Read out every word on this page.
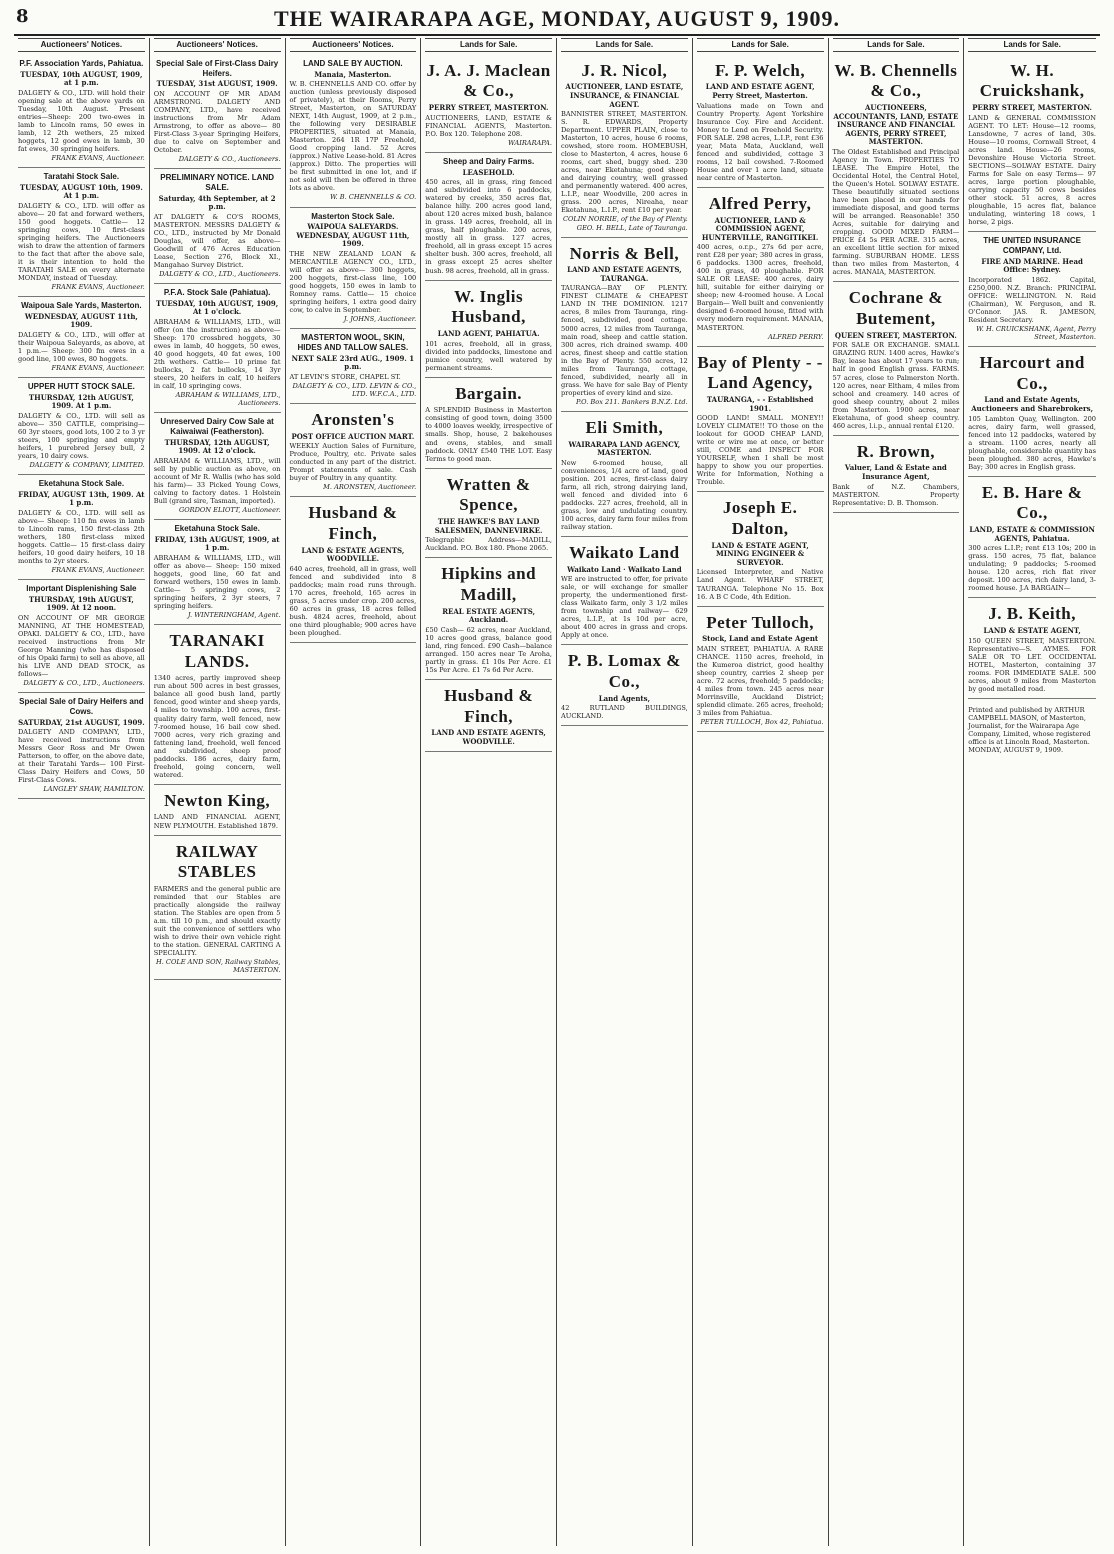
8	THE WAIRARAPA AGE, MONDAY, AUGUST 9, 1909.
Auctioneers' Notices.
P.F. Association Yards, Pahiatua.
TUESDAY, 10th AUGUST, 1909, at 1 p.m.

DALGETY & CO., LTD. will hold their opening sale at the above yards on Tuesday, 10th August. Present entries—Sheep: 200 two-ewes in lamb to Lincoln rams, 50 ewes in lamb, 12 2th wethers, 25 mixed hoggets, 12 good ewes in lamb, 30 fat ewes, 30 springing heifers.

FRANK EVANS, Auctioneer.

Taratahi Stock Sale.
TUESDAY, AUGUST 10th, 1909. At 1 p.m.

DALGETY & CO., LTD. will offer as above— 20 fat and forward wethers, 150 good hoggets. Cattle— 12 springing cows, 10 first-class springing heifers. The Auctioneers wish to draw the attention of farmers to the fact that after the above sale, it is their intention to hold the TARATAHI SALE on every alternate MONDAY, instead of Tuesday.

FRANK EVANS, Auctioneer.

Waipoua Sale Yards, Masterton.
WEDNESDAY, AUGUST 11th, 1909.

DALGETY & CO., LTD., will offer at their Waipoua Saleyards, as above, at 1 p.m.— Sheep: 300 fm ewes in a good line, 100 ewes, 80 hoggets.

FRANK EVANS, Auctioneer.

UPPER HUTT STOCK SALE.
THURSDAY, 12th AUGUST, 1909. At 1 p.m.

DALGETY & CO., LTD. will sell as above— 350 CATTLE, comprising— 60 3yr steers, good lots, 100 2 to 3 yr steers, 100 springing and empty heifers, 1 purebred Jersey bull, 2 years, 10 dairy cows.

DALGETY & COMPANY, LIMITED.

Eketahuna Stock Sale.
FRIDAY, AUGUST 13th, 1909. At 1 p.m.

DALGETY & CO., LTD. will sell as above— Sheep: 110 fm ewes in lamb to Lincoln rams, 150 first-class 2th wethers, 180 first-class mixed hoggets. Cattle— 15 first-class dairy heifers, 10 good dairy heifers, 10 18 months to 2yr steers.

FRANK EVANS, Auctioneer.

Important Displenishing Sale
THURSDAY, 19th AUGUST, 1909. At 12 noon.

ON ACCOUNT OF MR GEORGE MANNING, AT THE HOMESTEAD, OPAKI. DALGETY & CO., LTD., have received instructions from Mr George Manning (who has disposed of his Opaki farm) to sell as above, all his LIVE AND DEAD STOCK, as follows—

DALGETY & CO., LTD., Auctioneers.

Special Sale of Dairy Heifers and Cows.
SATURDAY, 21st AUGUST, 1909.

DALGETY AND COMPANY, LTD., have received instructions from Messrs Geor Ross and Mr Owen Patterson, to offer, on the above date, at their Taratahi Yards— 100 First-Class Dairy Heifers and Cows, 50 First-Class Cows.

LANGLEY SHAW, HAMILTON.

Auctioneers' Notices.
Special Sale of First-Class Dairy Heifers.
TUESDAY, 31st AUGUST, 1909.

ON ACCOUNT OF MR ADAM ARMSTRONG. DALGETY AND COMPANY, LTD., have received instructions from Mr Adam Armstrong, to offer as above— 80 First-Class 3-year Springing Heifers, due to calve on September and October.

DALGETY & CO., Auctioneers.

PRELIMINARY NOTICE. LAND SALE.
Saturday, 4th September, at 2 p.m.

AT DALGETY & CO'S ROOMS, MASTERTON. MESSRS DALGETY & CO., LTD., instructed by Mr Donald Douglas, will offer, as above— Goodwill of 476 Acres Education Lease, Section 276, Block XI., Mangahao Survey District.

DALGETY & CO., LTD., Auctioneers.

P.F.A. Stock Sale (Pahiatua).
TUESDAY, 10th AUGUST, 1909, At 1 o'clock.

ABRAHAM & WILLIAMS, LTD., will offer (on the instruction) as above— Sheep: 170 crossbred hoggets, 30 ewes in lamb, 40 hoggets, 50 ewes, 40 good hoggets, 40 fat ewes, 100 2th wethers. Cattle— 10 prime fat bullocks, 2 fat bullocks, 14 3yr steers, 20 heifers in calf, 10 heifers in calf, 10 springing cows.

ABRAHAM & WILLIAMS, LTD., Auctioneers.

Unreserved Dairy Cow Sale at Kaiwaiwai (Featherston).
THURSDAY, 12th AUGUST, 1909. At 12 o'clock.

ABRAHAM & WILLIAMS, LTD., will sell by public auction as above, on account of Mr R. Wallis (who has sold his farm)— 33 Picked Young Cows, calving to factory dates. 1 Holstein Bull (grand sire, Tasman, imported).

GORDON ELIOTT, Auctioneer.

Eketahuna Stock Sale.
FRIDAY, 13th AUGUST, 1909, at 1 p.m.

ABRAHAM & WILLIAMS, LTD., will offer as above— Sheep: 150 mixed hoggets, good line, 60 fat and forward wethers, 150 ewes in lamb. Cattle— 5 springing cows, 2 springing heifers, 2 3yr steers, 7 springing heifers.

J. WINTERINGHAM, Agent.

TARANAKI LANDS.

1340 acres, partly improved sheep run about 500 acres in best grasses, balance all good bush land, partly fenced, good winter and sheep yards, 4 miles to township. 100 acres, first-quality dairy farm, well fenced, new 7-roomed house, 16 bail cow shed. 7000 acres, very rich grazing and fattening land, freehold, well fenced and subdivided, sheep proof paddocks. 186 acres, dairy farm, freehold, going concern, well watered.

Newton King,

LAND AND FINANCIAL AGENT, NEW PLYMOUTH. Established 1879.

RAILWAY STABLES

FARMERS and the general public are reminded that our Stables are practically alongside the railway station. The Stables are open from 5 a.m. till 10 p.m., and should exactly suit the convenience of settlers who wish to drive their own vehicle right to the station. GENERAL CARTING A SPECIALITY.

H. COLE AND SON, Railway Stables, MASTERTON.

Auctioneers' Notices.
LAND SALE BY AUCTION.
Manaia, Masterton.

W. B. CHENNELLS AND CO. offer by auction (unless previously disposed of privately), at their Rooms, Perry Street, Masterton, on SATURDAY NEXT, 14th August, 1909, at 2 p.m., the following very DESIRABLE PROPERTIES, situated at Manaia, Masterton. 264 1R 17P Freehold, Good cropping land. 52 Acres (approx.) Native Lease-hold. 81 Acres (approx.) Ditto. The properties will be first submitted in one lot, and if not sold will then be offered in three lots as above.

W. B. CHENNELLS & CO.

Masterton Stock Sale.
WAIPOUA SALEYARDS. WEDNESDAY, AUGUST 11th, 1909.

THE NEW ZEALAND LOAN & MERCANTILE AGENCY CO., LTD., will offer as above— 300 hoggets, 200 hoggets, first-class line, 100 good hoggets, 150 ewes in lamb to Romney rams. Cattle— 15 choice springing heifers, 1 extra good dairy cow, to calve in September.

J. JOHNS, Auctioneer.

MASTERTON WOOL, SKIN, HIDES AND TALLOW SALES.
NEXT SALE 23rd AUG., 1909. 1 p.m.

AT LEVIN'S STORE, CHAPEL ST.

DALGETY & CO., LTD. LEVIN & CO., LTD. W.F.C.A., LTD.

Aronsten's
POST OFFICE AUCTION MART.

WEEKLY Auction Sales of Furniture, Produce, Poultry, etc. Private sales conducted in any part of the district. Prompt statements of sale. Cash buyer of Poultry in any quantity.

M. ARONSTEN, Auctioneer.

Husband & Finch,
LAND & ESTATE AGENTS, WOODVILLE.

640 acres, freehold, all in grass, well fenced and subdivided into 8 paddocks; main road runs through. 170 acres, freehold, 165 acres in grass, 5 acres under crop. 200 acres, 60 acres in grass, 18 acres felled bush. 4824 acres, freehold, about one third ploughable; 900 acres have been ploughed.

Lands for Sale.
J. A. J. Maclean & Co.,
PERRY STREET, MASTERTON.

AUCTIONEERS, LAND, ESTATE & FINANCIAL AGENTS, Masterton. P.O. Box 120. Telephone 208.

WAIRARAPA.

Sheep and Dairy Farms.
LEASEHOLD.

450 acres, all in grass, ring fenced and subdivided into 6 paddocks, watered by creeks, 350 acres flat, balance hilly. 200 acres good land, about 120 acres mixed bush, balance in grass. 149 acres, freehold, all in grass, half ploughable. 200 acres, mostly all in grass. 127 acres, freehold, all in grass except 15 acres shelter bush. 300 acres, freehold, all in grass except 25 acres shelter bush. 98 acres, freehold, all in grass.

W. Inglis Husband,
LAND AGENT, PAHIATUA.

101 acres, freehold, all in grass, divided into paddocks, limestone and pumice country, well watered by permanent streams.

Bargain.

A SPLENDID Business in Masterton consisting of good town, doing 3500 to 4000 loaves weekly, irrespective of smalls. Shop, house, 2 bakehouses and ovens, stables, and small paddock. ONLY £540 THE LOT. Easy Terms to good man.

Wratten & Spence,
THE HAWKE'S BAY LAND SALESMEN, DANNEVIRKE.

Telegraphic Address—MADILL, Auckland. P.O. Box 180. Phone 2065.

Hipkins and Madill,
REAL ESTATE AGENTS, Auckland.

£50 Cash— 62 acres, near Auckland, 10 acres good grass, balance good land, ring fenced. £90 Cash—balance arranged. 150 acres near Te Aroha, partly in grass. £1 10s Per Acre. £1 15s Per Acre. £1 7s 6d Per Acre.

Husband & Finch,
LAND AND ESTATE AGENTS, WOODVILLE.
Lands for Sale.
J. R. Nicol,
AUCTIONEER, LAND ESTATE, INSURANCE, & FINANCIAL AGENT.

BANNISTER STREET, MASTERTON. S. R. EDWARDS, Property Department. UPPER PLAIN, close to Masterton, 10 acres, house 6 rooms, cowshed, store room. HOMEBUSH, close to Masterton, 4 acres, house 6 rooms, cart shed, buggy shed. 230 acres, near Eketahuna; good sheep and dairying country, well grassed and permanently watered. 400 acres, L.I.P., near Woodville, 200 acres in grass. 200 acres, Nireaha, near Eketahuna, L.I.P., rent £10 per year.

COLIN NORRIE, of the Bay of Plenty. GEO. H. BELL, Late of Tauranga.

Norris & Bell,
LAND AND ESTATE AGENTS, TAURANGA.

TAURANGA—BAY OF PLENTY. FINEST CLIMATE & CHEAPEST LAND IN THE DOMINION. 1217 acres, 8 miles from Tauranga, ring-fenced, subdivided, good cottage. 5000 acres, 12 miles from Tauranga, main road, sheep and cattle station. 300 acres, rich drained swamp. 400 acres, finest sheep and cattle station in the Bay of Plenty. 550 acres, 12 miles from Tauranga, cottage, fenced, subdivided, nearly all in grass. We have for sale Bay of Plenty properties of every kind and size.

P.O. Box 211. Bankers B.N.Z. Ltd.

Eli Smith,
WAIRARAPA LAND AGENCY, MASTERTON.

New 6-roomed house, all conveniences, 1/4 acre of land, good position. 201 acres, first-class dairy farm, all rich, strong dairying land, well fenced and divided into 6 paddocks. 227 acres, freehold, all in grass, low and undulating country. 100 acres, dairy farm four miles from railway station.

Waikato Land
Waikato Land · Waikato Land

WE are instructed to offer, for private sale, or will exchange for smaller property, the undermentioned first-class Waikato farm, only 3 1/2 miles from township and railway— 629 acres, L.I.P., at 1s 10d per acre, about 400 acres in grass and crops. Apply at once.

P. B. Lomax & Co.,
Land Agents,

42 RUTLAND BUILDINGS, AUCKLAND.

Lands for Sale.
F. P. Welch,
LAND AND ESTATE AGENT, Perry Street, Masterton.

Valuations made on Town and Country Property. Agent Yorkshire Insurance Coy. Fire and Accident. Money to Lend on Freehold Security. FOR SALE. 298 acres, L.I.P., rent £36 year, Mata Mata, Auckland, well fenced and subdivided, cottage 3 rooms, 12 bail cowshed. 7-Roomed House and over 1 acre land, situate near centre of Masterton.

Alfred Perry,
AUCTIONEER, LAND & COMMISSION AGENT, HUNTERVILLE, RANGITIKEI.

400 acres, o.r.p., 27s 6d per acre, rent £28 per year; 380 acres in grass, 6 paddocks. 1300 acres, freehold, 400 in grass, 40 ploughable. FOR SALE OR LEASE: 400 acres, dairy hill, suitable for either dairying or sheep; new 4-roomed house. A Local Bargain— Well built and conveniently designed 6-roomed house, fitted with every modern requirement. MANAIA, MASTERTON.

ALFRED PERRY.

Bay of Plenty - - Land Agency,
TAURANGA, - - Established 1901.

GOOD LAND! SMALL MONEY!! LOVELY CLIMATE!! TO those on the lookout for GOOD CHEAP LAND, write or wire me at once, or better still, COME and INSPECT FOR YOURSELF, when I shall be most happy to show you our properties. Write for Information, Nothing a Trouble.

Joseph E. Dalton,
LAND & ESTATE AGENT, MINING ENGINEER & SURVEYOR.

Licensed Interpreter, and Native Land Agent. WHARF STREET, TAURANGA. Telephone No 15. Box 16. A B C Code, 4th Edition.

Peter Tulloch,
Stock, Land and Estate Agent

MAIN STREET, PAHIATUA. A RARE CHANCE. 1150 acres, freehold, in the Kumeroa district, good healthy sheep country, carries 2 sheep per acre. 72 acres, freehold; 5 paddocks; 4 miles from town. 245 acres near Morrinsville, Auckland District; splendid climate. 265 acres, freehold; 3 miles from Pahiatua.

PETER TULLOCH, Box 42, Pahiatua.

Lands for Sale.
W. B. Chennells & Co.,
AUCTIONEERS, ACCOUNTANTS, LAND, ESTATE INSURANCE AND FINANCIAL AGENTS, PERRY STREET, MASTERTON.

The Oldest Established and Principal Agency in Town. PROPERTIES TO LEASE. The Empire Hotel, the Occidental Hotel, the Central Hotel, the Queen's Hotel. SOLWAY ESTATE. These beautifully situated sections have been placed in our hands for immediate disposal, and good terms will be arranged. Reasonable! 350 Acres, suitable for dairying and cropping. GOOD MIXED FARM—PRICE £4 5s PER ACRE. 315 acres, an excellent little section for mixed farming. SUBURBAN HOME. LESS than two miles from Masterton, 4 acres. MANAIA, MASTERTON.

Cochrane & Butement,
QUEEN STREET, MASTERTON.

FOR SALE OR EXCHANGE. SMALL GRAZING RUN. 1400 acres, Hawke's Bay, lease has about 17 years to run; half in good English grass. FARMS. 57 acres, close to Palmerston North. 120 acres, near Eltham, 4 miles from school and creamery. 140 acres of good sheep country, about 2 miles from Masterton. 1900 acres, near Eketahuna, of good sheep country. 460 acres, l.i.p., annual rental £120.

R. Brown,
Valuer, Land & Estate and Insurance Agent,

Bank of N.Z. Chambers, MASTERTON. Property Representative: D. B. Thomson.

Lands for Sale.
W. H. Cruickshank,
PERRY STREET, MASTERTON.

LAND & GENERAL COMMISSION AGENT. TO LET: House—12 rooms, Lansdowne, 7 acres of land, 30s. House—10 rooms, Cornwall Street, 4 acres land. House—26 rooms, Devonshire House Victoria Street. SECTIONS—SOLWAY ESTATE. Dairy Farms for Sale on easy Terms— 97 acres, large portion ploughable, carrying capacity 50 cows besides other stock. 51 acres, 8 acres ploughable, 15 acres flat, balance undulating, wintering 18 cows, 1 horse, 2 pigs.

THE UNITED INSURANCE COMPANY, Ltd.
FIRE AND MARINE. Head Office: Sydney.

Incorporated 1862. Capital, £250,000. N.Z. Branch: PRINCIPAL OFFICE: WELLINGTON. N. Reid (Chairman), W. Ferguson, and R. O'Connor. JAS. R. JAMESON, Resident Secretary.

W. H. CRUICKSHANK, Agent, Perry Street, Masterton.

Harcourt and Co.,
Land and Estate Agents, Auctioneers and Sharebrokers,

105 Lambton Quay, Wellington. 200 acres, dairy farm, well grassed, fenced into 12 paddocks, watered by a stream. 1100 acres, nearly all ploughable, considerable quantity has been ploughed. 380 acres, Hawke's Bay; 300 acres in English grass.

E. B. Hare & Co.,
LAND, ESTATE & COMMISSION AGENTS, Pahiatua.

300 acres L.I.P.; rent £13 10s; 200 in grass. 150 acres, 75 flat, balance undulating; 9 paddocks; 5-roomed house. 120 acres, rich flat river deposit. 100 acres, rich dairy land, 3-roomed house. J.A BARGAIN—

J. B. Keith,
LAND & ESTATE AGENT,

150 QUEEN STREET, MASTERTON. Representative—S. AYMES. FOR SALE OR TO LET. OCCIDENTAL HOTEL, Masterton, containing 37 rooms. FOR IMMEDIATE SALE. 500 acres, about 9 miles from Masterton by good metalled road.

Printed and published by ARTHUR CAMPBELL MASON, of Masterton, Journalist, for the Wairarapa Age Company, Limited, whose registered office is at Lincoln Road, Masterton. MONDAY, AUGUST 9, 1909.
